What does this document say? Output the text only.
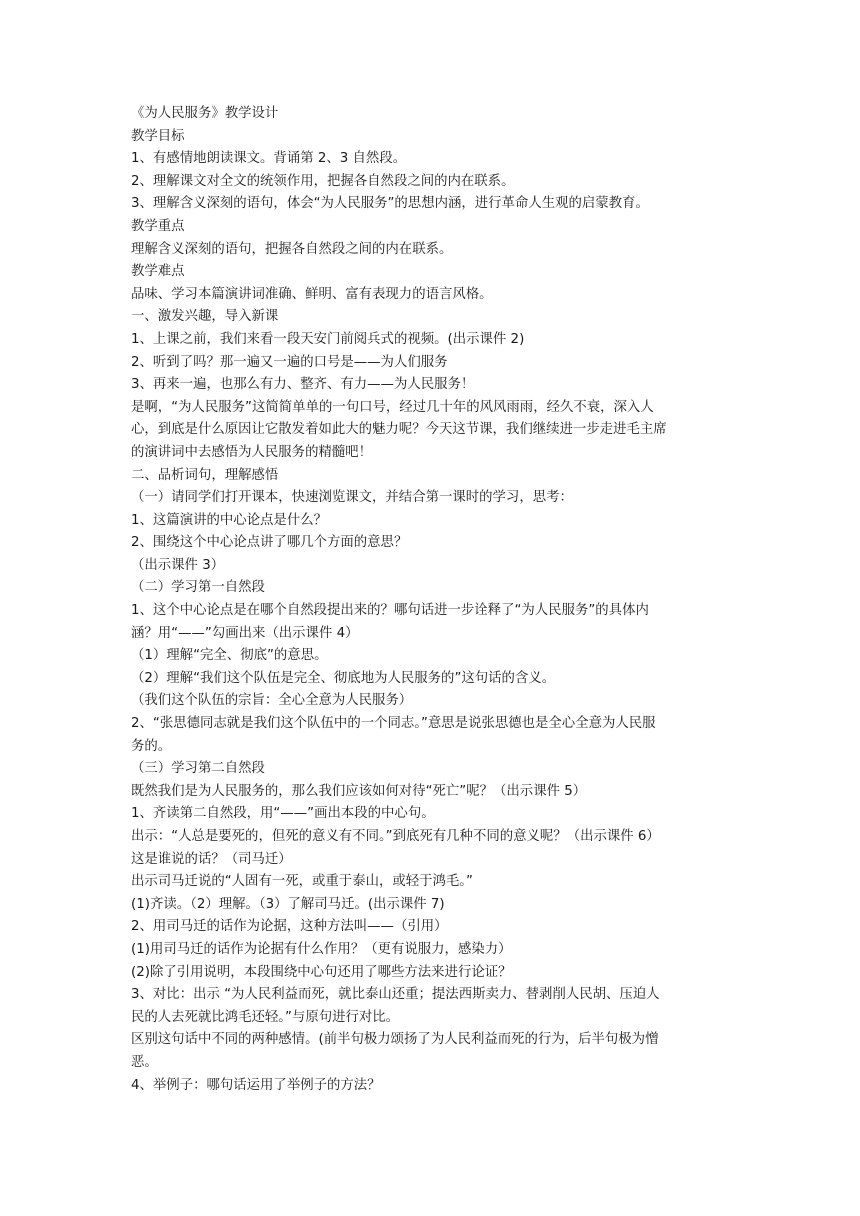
《为人民服务》教学设计
教学目标
1、有感情地朗读课文。背诵第 2、3 自然段。
2、理解课文对全文的统领作用，把握各自然段之间的内在联系。
3、理解含义深刻的语句，体会“为人民服务”的思想内涵，进行革命人生观的启蒙教育。
教学重点
理解含义深刻的语句，把握各自然段之间的内在联系。
教学难点
品味、学习本篇演讲词准确、鲜明、富有表现力的语言风格。
一、激发兴趣，导入新课
1、上课之前，我们来看一段天安门前阅兵式的视频。(出示课件 2)
2、听到了吗？那一遍又一遍的口号是——为人们服务
3、再来一遍，也那么有力、整齐、有力——为人民服务！
是啊，“为人民服务”这简简单单的一句口号，经过几十年的风风雨雨，经久不衰，深入人
心，到底是什么原因让它散发着如此大的魅力呢？今天这节课，我们继续进一步走进毛主席
的演讲词中去感悟为人民服务的精髓吧！
二、品析词句，理解感悟
（一）请同学们打开课本，快速浏览课文，并结合第一课时的学习，思考：
1、这篇演讲的中心论点是什么？
2、围绕这个中心论点讲了哪几个方面的意思？
（出示课件 3）
（二）学习第一自然段
1、这个中心论点是在哪个自然段提出来的？哪句话进一步诠释了“为人民服务”的具体内
涵？用“——”勾画出来（出示课件 4）
（1）理解“完全、彻底”的意思。
（2）理解“我们这个队伍是完全、彻底地为人民服务的”这句话的含义。
（我们这个队伍的宗旨：全心全意为人民服务）
2、“张思德同志就是我们这个队伍中的一个同志。”意思是说张思德也是全心全意为人民服
务的。
（三）学习第二自然段
既然我们是为人民服务的，那么我们应该如何对待“死亡”呢？（出示课件 5）
1、齐读第二自然段，用“——”画出本段的中心句。
出示：“人总是要死的，但死的意义有不同。”到底死有几种不同的意义呢？（出示课件 6）
这是谁说的话？（司马迁）
出示司马迁说的“人固有一死，或重于泰山，或轻于鸿毛。”
(1)齐读。（2）理解。（3）了解司马迁。(出示课件 7)
2、用司马迁的话作为论据，这种方法叫——（引用）
(1)用司马迁的话作为论据有什么作用？（更有说服力，感染力）
(2)除了引用说明，本段围绕中心句还用了哪些方法来进行论证？
3、对比：出示 “为人民利益而死，就比泰山还重；提法西斯卖力、替剥削人民胡、压迫人
民的人去死就比鸿毛还轻。”与原句进行对比。
区别这句话中不同的两种感情。(前半句极力颂扬了为人民利益而死的行为，后半句极为憎
恶。
4、举例子：哪句话运用了举例子的方法？
